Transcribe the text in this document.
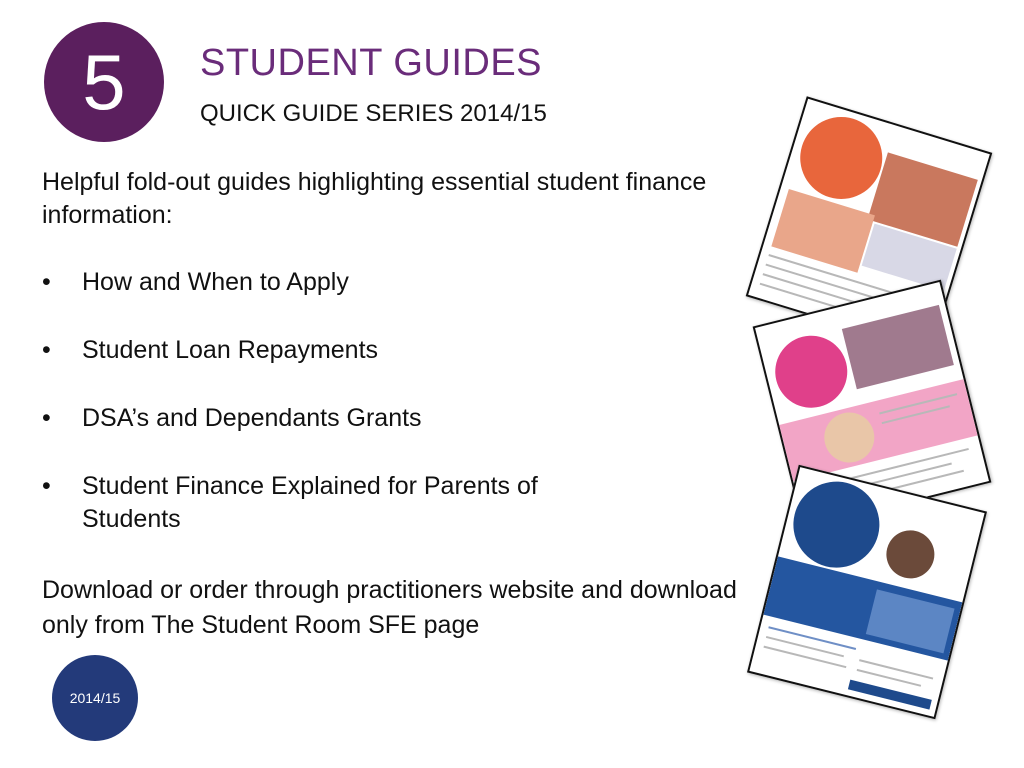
5 STUDENT GUIDES
QUICK GUIDE SERIES 2014/15
Helpful fold-out guides highlighting essential student finance information:
• How and When to Apply
• Student Loan Repayments
• DSA’s and Dependants Grants
• Student Finance Explained for Parents of Students
Download or order through practitioners website and download only from The Student Room SFE page
2014/15
